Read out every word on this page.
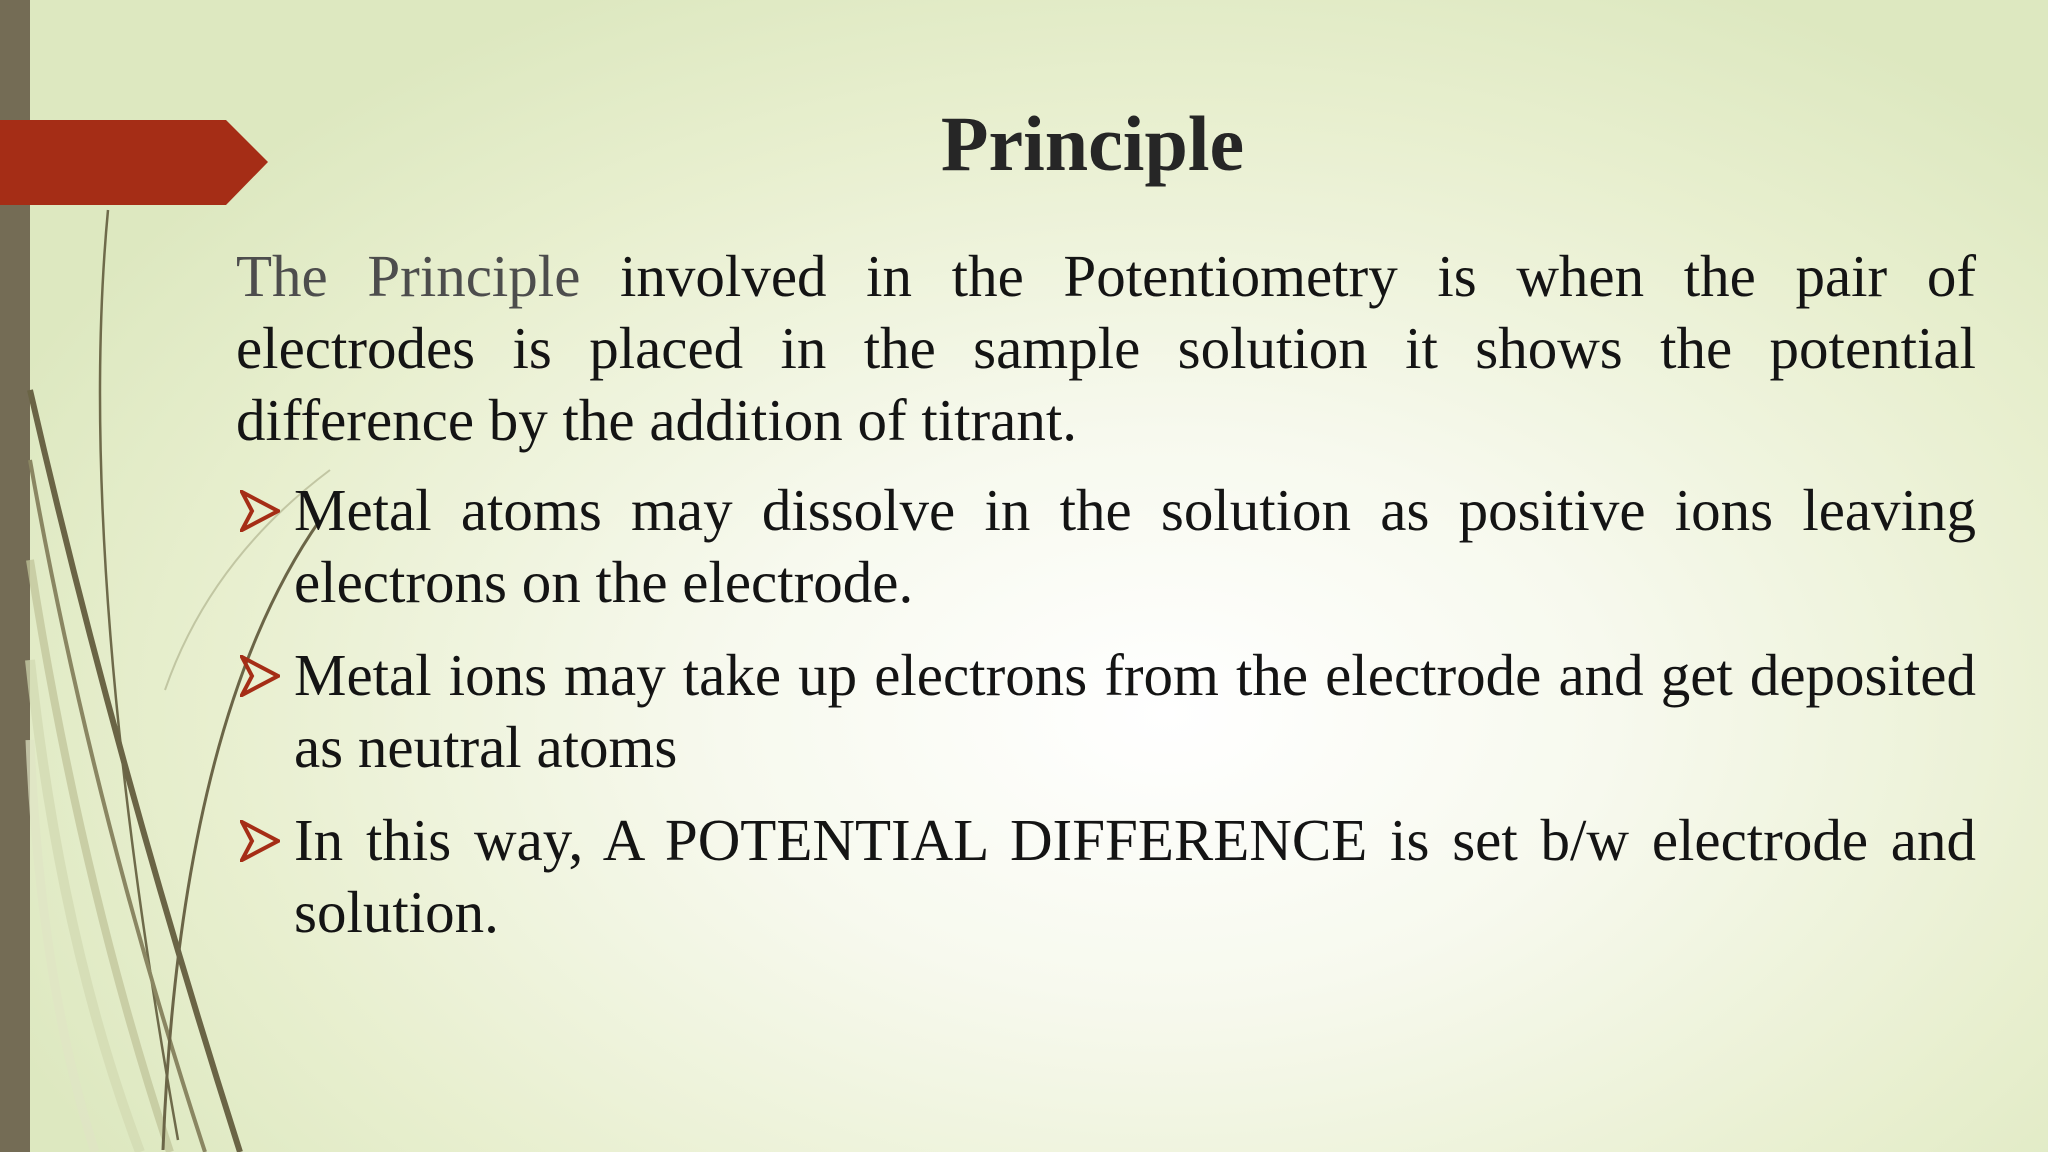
Principle

The Principle involved in the Potentiometry is when the pair of electrodes is placed in the sample solution it shows the potential difference by the addition of titrant.

Metal atoms may dissolve in the solution as positive ions leaving electrons on the electrode.
Metal ions may take up electrons from the electrode and get deposited as neutral atoms
In this way, A POTENTIAL DIFFERENCE is set b/w electrode and solution.
